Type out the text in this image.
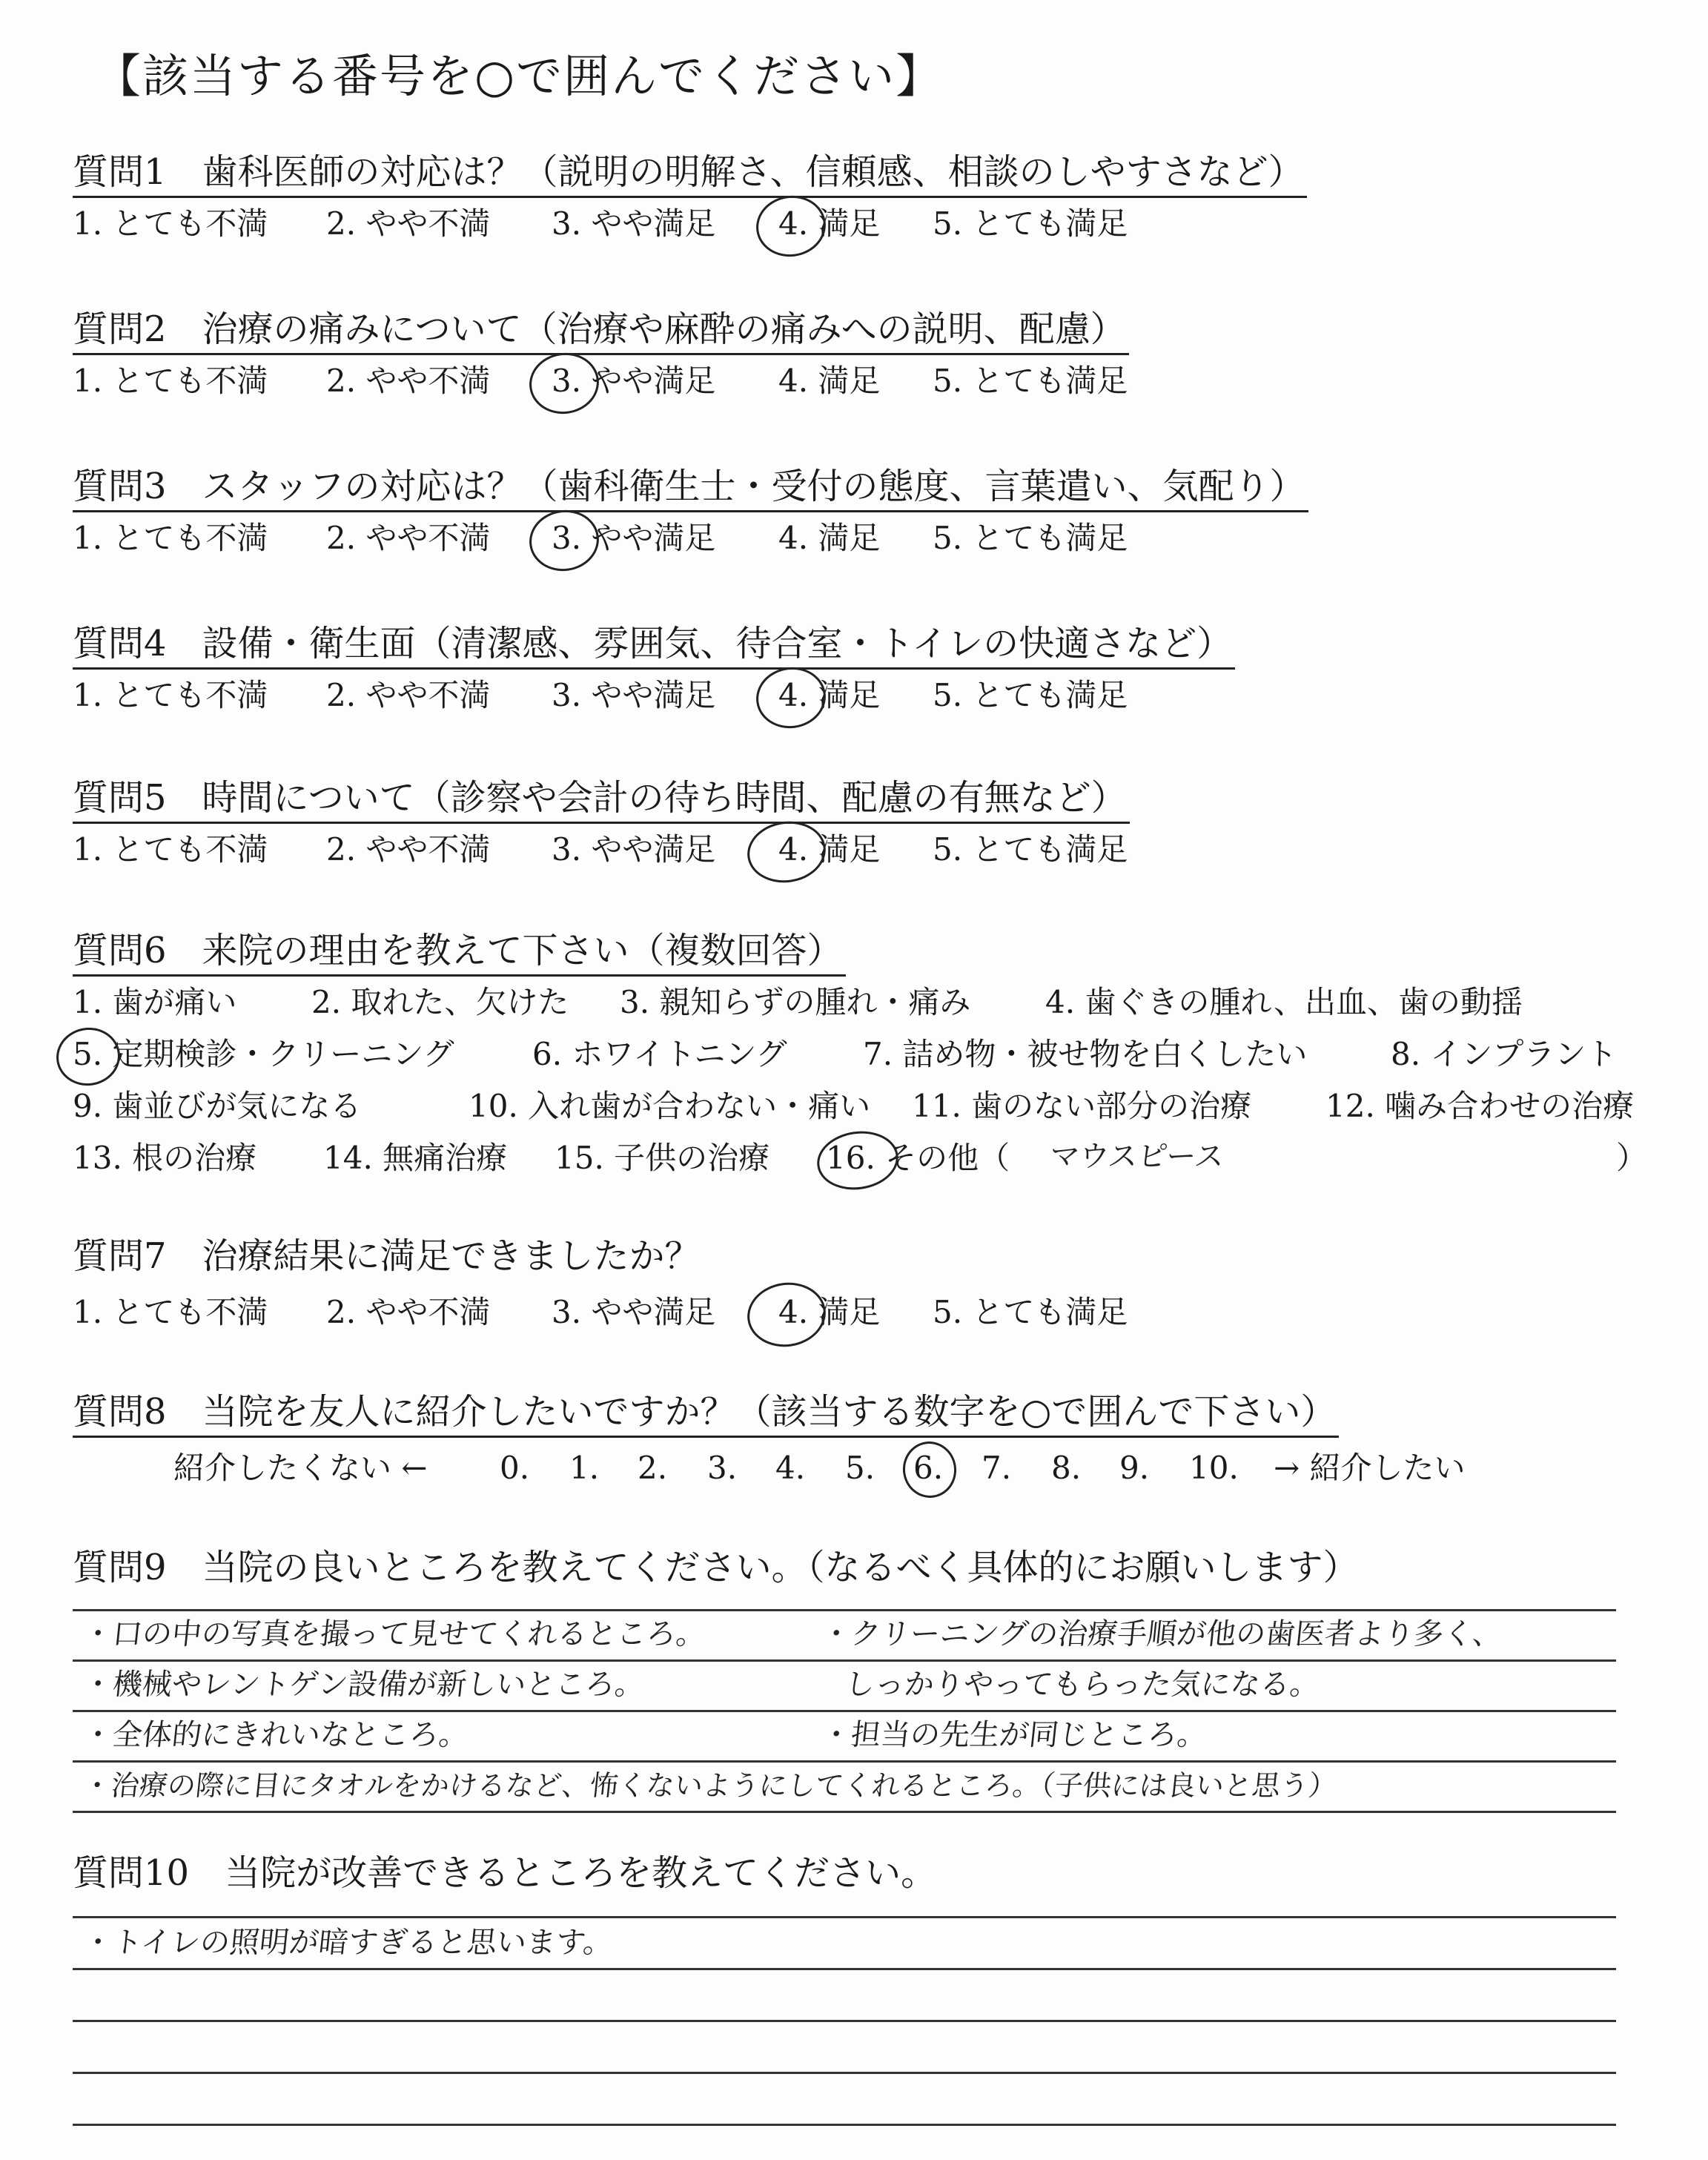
【該当する番号を○で囲んでください】
質問1　歯科医師の対応は？（説明の明解さ、信頼感、相談のしやすさなど）
1. とても不満 2. やや不満 3. やや満足 4. 満足 5. とても満足
質問2　治療の痛みについて（治療や麻酔の痛みへの説明、配慮）
1. とても不満 2. やや不満 3. やや満足 4. 満足 5. とても満足
質問3　スタッフの対応は？（歯科衛生士・受付の態度、言葉遣い、気配り）
1. とても不満 2. やや不満 3. やや満足 4. 満足 5. とても満足
質問4　設備・衛生面（清潔感、雰囲気、待合室・トイレの快適さなど）
1. とても不満 2. やや不満 3. やや満足 4. 満足 5. とても満足
質問5　時間について（診察や会計の待ち時間、配慮の有無など）
1. とても不満 2. やや不満 3. やや満足 4. 満足 5. とても満足
質問6　来院の理由を教えて下さい（複数回答）
1. 歯が痛い 2. 取れた、欠けた 3. 親知らずの腫れ・痛み 4. 歯ぐきの腫れ、出血、歯の動揺
5. 定期検診・クリーニング	6. ホワイトニング 7. 詰め物・被せ物を白くしたい	8. インプラント
9. 歯並びが気になる	10. 入れ歯が合わない・痛い 11. 歯のない部分の治療 12. 噛み合わせの治療
13. 根の治療 14. 無痛治療 15. 子供の治療 16. その他（	）
マウスピース
質問7　治療結果に満足できましたか？
1. とても不満 2. やや不満 3. やや満足 4. 満足 5. とても満足
質問8　当院を友人に紹介したいですか？（該当する数字を○で囲んで下さい）
紹介したくない ← 0. 1. 2. 3. 4. 5. 6. 7. 8. 9. 10. → 紹介したい
質問9　当院の良いところを教えてください。（なるべく具体的にお願いします）
・口の中の写真を撮って見せてくれるところ。	・クリーニングの治療手順が他の歯医者より多く、
・機械やレントゲン設備が新しいところ。	しっかりやってもらった気になる。
・全体的にきれいなところ。	・担当の先生が同じところ。
・治療の際に目にタオルをかけるなど、怖くないようにしてくれるところ。（子供には良いと思う）
質問10　当院が改善できるところを教えてください。
・トイレの照明が暗すぎると思います。
